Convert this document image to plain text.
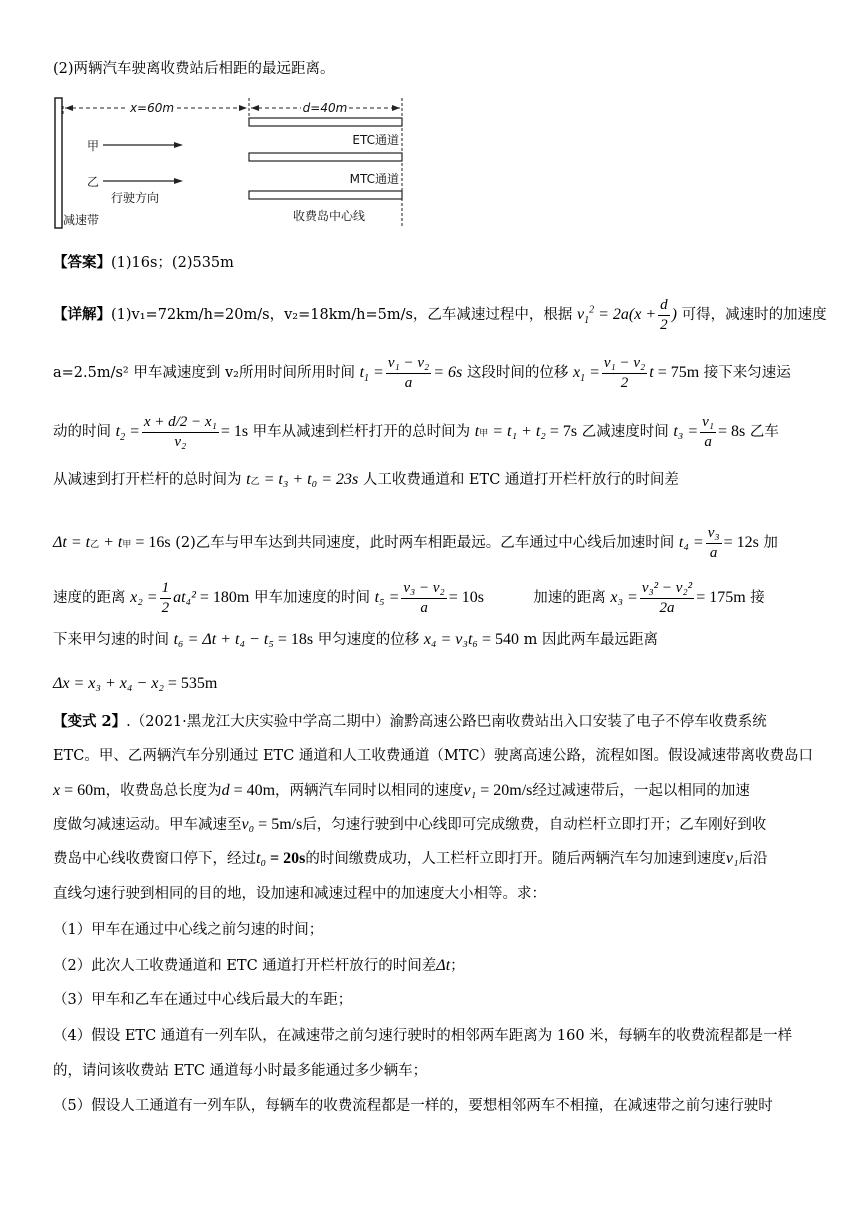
(2)两辆汽车驶离收费站后相距的最远距离。
x=60m	d=40m
ETC通道
MTC通道
收费岛中心线
甲
乙
行驶方向
减速带
【答案】(1)16s；(2)535m
【详解】(1)v₁=72km/h=20m/s，v₂=18km/h=5m/s，乙车减速过程中，根据 $v_1^2 = 2a(x + \frac{d}{2}$ ) 可得，减速时的加速度
a=2.5m/s² 甲车减速度到 v₂所用时间所用时间 $t_1 = \frac{\text{v₁ − v₂}}{a} = 6s$ 这段时间的位移 $x_1 = \frac{\text{v₁ − v₂}}{2}$ t = 75m 接下来匀速运
动的时间 $t_2 = \frac{\text{x + d/2 − x₁}}{\text{v₂}} = 1s$ 甲车从减速到栏杆打开的总时间为 t甲 = t₁ + t₂ = 7s 乙减速度时间 $t_3 = \frac{\text{v₁}}{a} = 8s$ 乙车
从减速到打开栏杆的总时间为 t乙 = t₃ + t₀ = 23s 人工收费通道和 ETC 通道打开栏杆放行的时间差
Δt = t乙 + t甲 = 16s (2)乙车与甲车达到共同速度，此时两车相距最远。乙车通过中心线后加速时间 $t_4 = \frac{\text{v₃}}{a} = 12s$ 加
速度的距离 $x_2 = \frac{1}{2} at_4^2 = 180m$ 甲车加速度的时间 $t_5 = \frac{\text{v₃ − v₂}}{a} = 10s$	加速的距离 $x_3 = \frac{\text{v₃² − v₂²}}{2a} = 175m$ 接
下来甲匀速的时间 t₆ = Δt + t₄ − t₅ = 18s 甲匀速度的位移 x₄ = v₃t₆ = 540 m 因此两车最远距离
Δx = x₃ + x₄ − x₂ = 535m
【变式 2】.（2021·黑龙江大庆实验中学高二期中）渝黔高速公路巴南收费站出入口安装了电子不停车收费系统
ETC。甲、乙两辆汽车分别通过 ETC 通道和人工收费通道（MTC）驶离高速公路，流程如图。假设减速带离收费岛口
x = 60m，收费岛总长度为d = 40m，两辆汽车同时以相同的速度v₁ = 20m/s经过减速带后，一起以相同的加速
度做匀减速运动。甲车减速至v₀ = 5m/s后，匀速行驶到中心线即可完成缴费，自动栏杆立即打开；乙车刚好到收
费岛中心线收费窗口停下，经过t₀ = 20s的时间缴费成功，人工栏杆立即打开。随后两辆汽车匀加速到速度v₁后沿
直线匀速行驶到相同的目的地，设加速和减速过程中的加速度大小相等。求：
（1）甲车在通过中心线之前匀速的时间；
（2）此次人工收费通道和 ETC 通道打开栏杆放行的时间差Δt；
（3）甲车和乙车在通过中心线后最大的车距；
（4）假设 ETC 通道有一列车队，在减速带之前匀速行驶时的相邻两车距离为 160 米，每辆车的收费流程都是一样
的，请问该收费站 ETC 通道每小时最多能通过多少辆车；
（5）假设人工通道有一列车队，每辆车的收费流程都是一样的，要想相邻两车不相撞，在减速带之前匀速行驶时
